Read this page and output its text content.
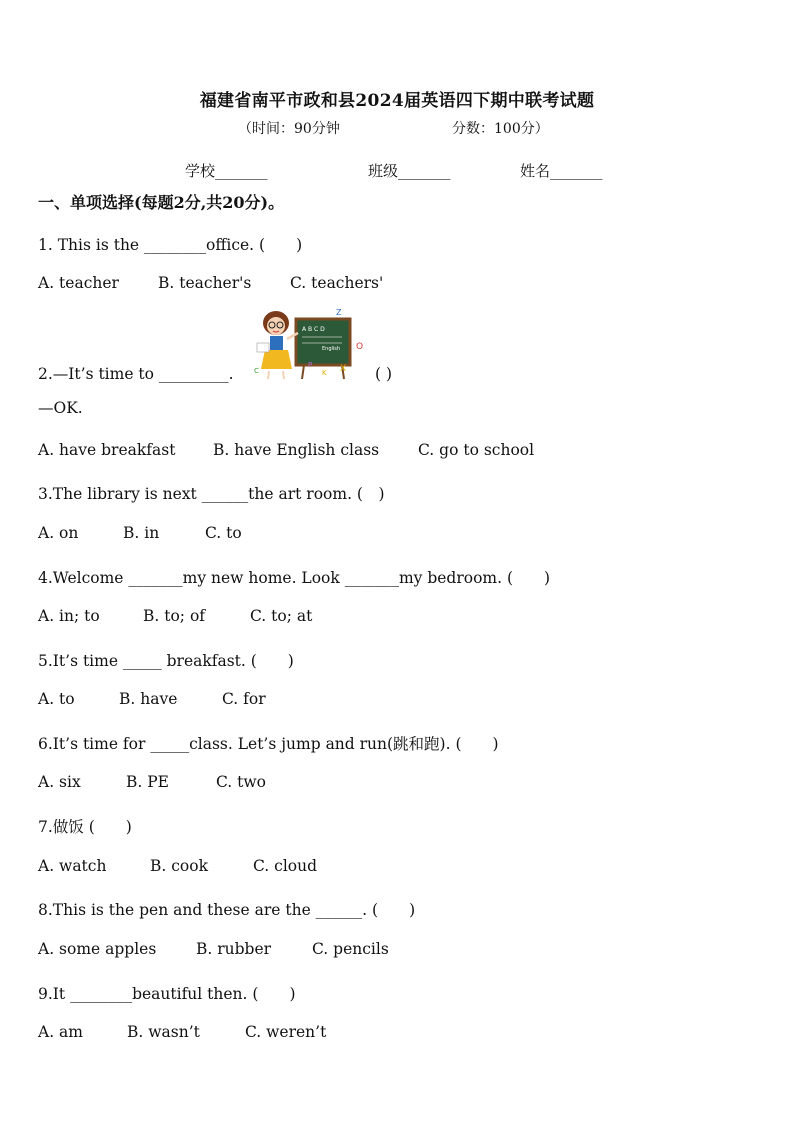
福建省南平市政和县2024届英语四下期中联考试题
（时间：90分钟	分数：100分）
学校_______	班级_______	姓名_______
一、单项选择(每题2分,共20分)。
1. This is the ________office. (　　)
A. teacher	B. teacher's C. teachers'
A B C D
English
Z
O
X
P
K
C
2.—It’s time to _________.	( )
—OK.
A. have breakfast B. have English class	C. go to school
3.The library is next ______the art room. (　)
A. on	B. in	C. to
4.Welcome _______my new home. Look _______my bedroom. (　　)
A. in; to	B. to; of	C. to; at
5.It’s time _____ breakfast. (　　)
A. to	B. have	C. for
6.It’s time for _____class. Let’s jump and run(跳和跑). (　　)
A. six	B. PE	C. two
7.做饭 (　　)
A. watch	B. cook	C. cloud
8.This is the pen and these are the ______. (　　)
A. some apples	B. rubber	C. pencils
9.It ________beautiful then. (　　)
A. am	B. wasn’t	C. weren’t
